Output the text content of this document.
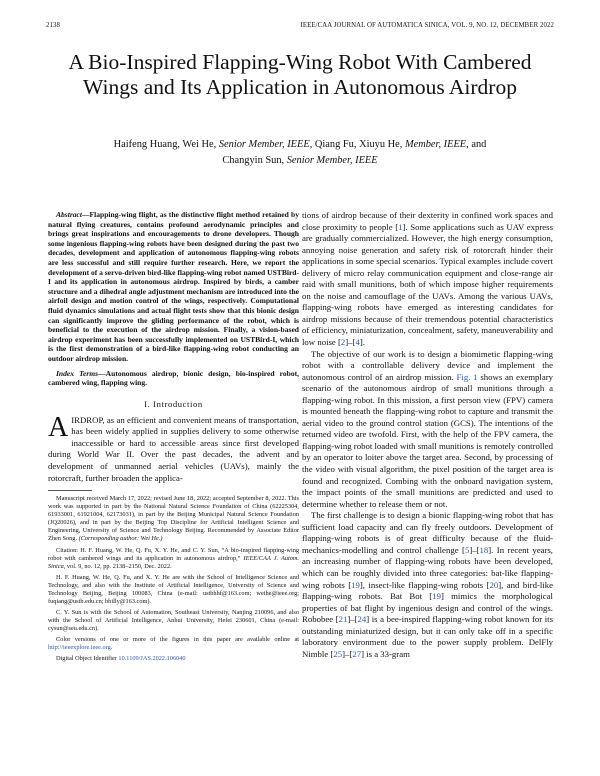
2138	IEEE/CAA JOURNAL OF AUTOMATICA SINICA, VOL. 9, NO. 12, DECEMBER 2022
A Bio-Inspired Flapping-Wing Robot With Cambered Wings and Its Application in Autonomous Airdrop
Haifeng Huang, Wei He, Senior Member, IEEE, Qiang Fu, Xiuyu He, Member, IEEE, and
Changyin Sun, Senior Member, IEEE

Abstract—Flapping-wing flight, as the distinctive flight method retained by natural flying creatures, contains profound aerodynamic principles and brings great inspirations and encouragements to drone developers. Though some ingenious flapping-wing robots have been designed during the past two decades, development and application of autonomous flapping-wing robots are less successful and still require further research. Here, we report the development of a servo-driven bird-like flapping-wing robot named USTBird-I and its application in autonomous airdrop. Inspired by birds, a camber structure and a dihedral angle adjustment mechanism are introduced into the airfoil design and motion control of the wings, respectively. Computational fluid dynamics simulations and actual flight tests show that this bionic design can significantly improve the gliding performance of the robot, which is beneficial to the execution of the airdrop mission. Finally, a vision-based airdrop experiment has been successfully implemented on USTBird-I, which is the first demonstration of a bird-like flapping-wing robot conducting an outdoor airdrop mission.

Index Terms—Autonomous airdrop, bionic design, bio-inspired robot, cambered wing, flapping wing.

I. Introduction

AIRDROP, as an efficient and convenient means of transportation, has been widely applied in supplies delivery to some otherwise inaccessible or hard to accessible areas since first developed during World War II. Over the past decades, the advent and development of unmanned aerial vehicles (UAVs), mainly the rotorcraft, further broaden the applica-

Manuscript received March 17, 2022; revised June 18, 2022; accepted September 8, 2022. This work was supported in part by the National Natural Science Foundation of China (62225304, 61933001, 61921004, 62173031), in part by the Beijing Municipal Natural Science Foundation (JQ20026), and in part by the Beijing Top Discipline for Artificial Intelligent Science and Engineering, University of Science and Technology Beijing. Recommended by Associate Editor Zhen Song. (Corresponding author: Wei He.)

Citation: H. F. Huang, W. He, Q. Fu, X. Y. He, and C. Y. Sun, “A bio-inspired flapping-wing robot with cambered wings and its application in autonomous airdrop,” IEEE/CAA J. Autom. Sinica, vol. 9, no. 12, pp. 2138–2150, Dec. 2022.

H. F. Huang, W. He, Q. Fu, and X. Y. He are with the School of Intelligence Science and Technology, and also with the Institute of Artificial Intelligence, University of Science and Technology Beijing, Beijing 100083, China (e-mail: ustbhhf@163.com; weihe@ieee.org; fuqiang@ustb.edu.cn; bhilly@163.com).

C. Y. Sun is with the School of Automation, Southeast University, Nanjing 210096, and also with the School of Artificial Intelligence, Anhui University, Hefei 230601, China (e-mail: cysun@seu.edu.cn).

Color versions of one or more of the figures in this paper are available online at http://ieeexplore.ieee.org.

Digital Object Identifier 10.1109/JAS.2022.106040

tions of airdrop because of their dexterity in confined work spaces and close proximity to people [1]. Some applications such as UAV express are gradually commercialized. However, the high energy consumption, annoying noise generation and safety risk of rotorcraft hinder their applications in some special scenarios. Typical examples include covert delivery of micro relay communication equipment and close-range air raid with small munitions, both of which impose higher requirements on the noise and camouflage of the UAVs. Among the various UAVs, flapping-wing robots have emerged as interesting candidates for airdrop missions because of their tremendous potential characteristics of efficiency, miniaturization, concealment, safety, maneuverability and low noise [2]–[4].

The objective of our work is to design a biomimetic flapping-wing robot with a controllable delivery device and implement the autonomous control of an airdrop mission. Fig. 1 shows an exemplary scenario of the autonomous airdrop of small munitions through a flapping-wing robot. In this mission, a first person view (FPV) camera is mounted beneath the flapping-wing robot to capture and transmit the aerial video to the ground control station (GCS). The intentions of the returned video are twofold. First, with the help of the FPV camera, the flapping-wing robot loaded with small munitions is remotely controlled by an operator to loiter above the target area. Second, by processing of the video with visual algorithm, the pixel position of the target area is found and recognized. Combing with the onboard navigation system, the impact points of the small munitions are predicted and used to determine whether to release them or not.

The first challenge is to design a bionic flapping-wing robot that has sufficient load capacity and can fly freely outdoors. Development of flapping-wing robots is of great difficulty because of the fluid-mechanics-modelling and control challenge [5]–[18]. In recent years, an increasing number of flapping-wing robots have been developed, which can be roughly divided into three categories: bat-like flapping-wing robots [19], insect-like flapping-wing robots [20], and bird-like flapping-wing robots. Bat Bot [19] mimics the morphological properties of bat flight by ingenious design and control of the wings. Robobee [21]–[24] is a bee-inspired flapping-wing robot known for its outstanding miniaturized design, but it can only take off in a specific laboratory environment due to the power supply problem. DelFly Nimble [25]–[27] is a 33-gram
